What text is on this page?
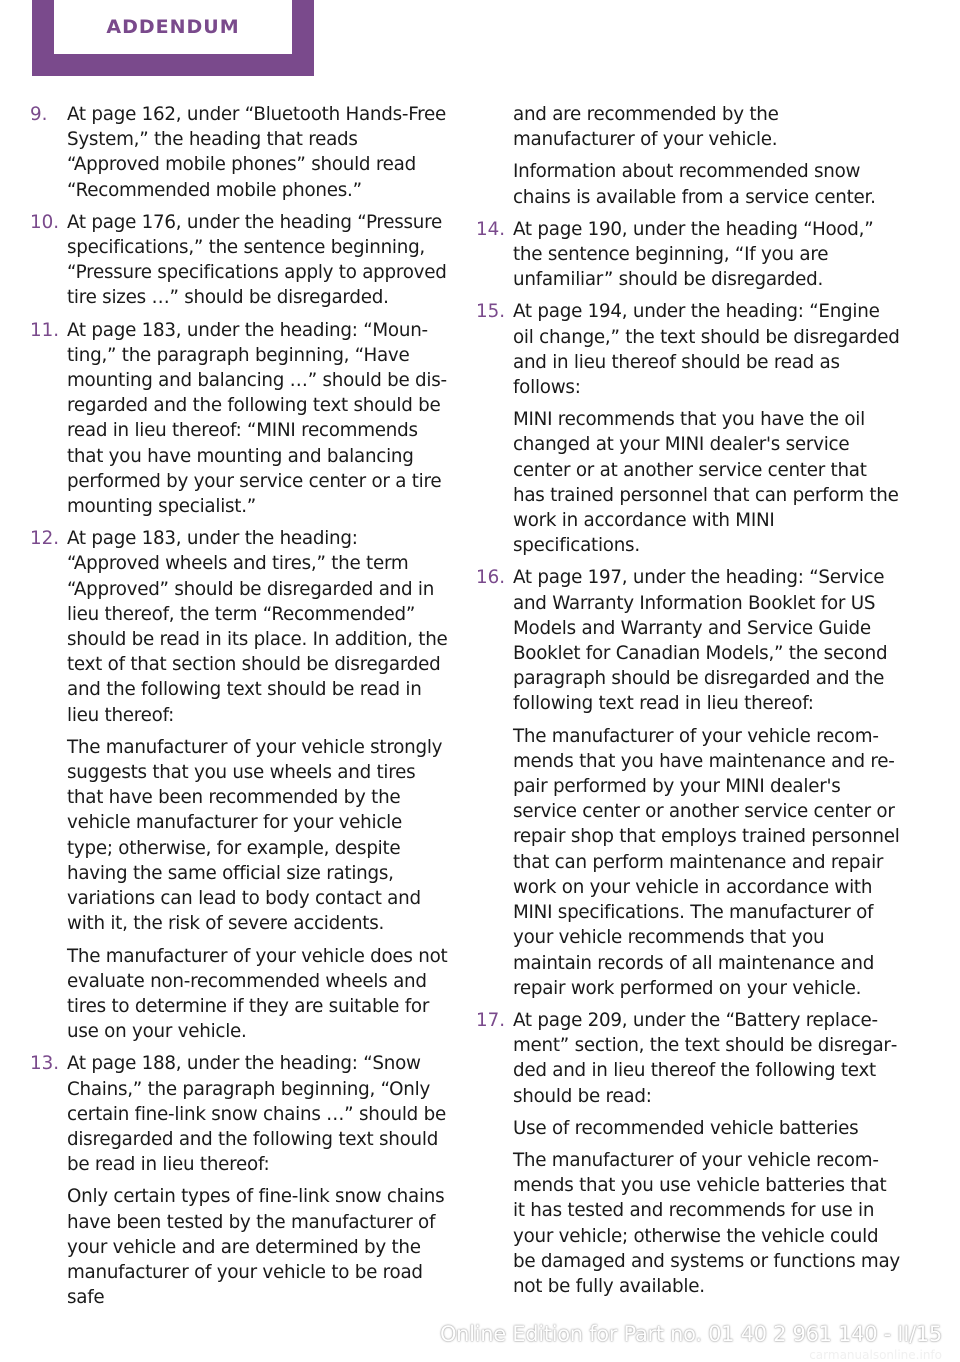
ADDENDUM
9.	At page 162, under “Bluetooth Hands-Free System,” the heading that reads “Approved mobile phones” should read “Recommended mobile phones.”

10. At page 176, under the heading “Pressure specifications,” the sentence beginning, “Pressure specifications apply to approved tire sizes …” should be disregarded.

11. At page 183, under the heading: “Mounting,” the paragraph beginning, “Have mounting and balancing …” should be disregarded and the following text should be read in lieu thereof: “MINI recommends that you have mounting and balancing performed by your service center or a tire mounting specialist.”

12. At page 183, under the heading: “Approved wheels and tires,” the term “Approved” should be disregarded and in lieu thereof, the term “Recommended” should be read in its place. In addition, the text of that section should be disregarded and the following text should be read in lieu thereof:

The manufacturer of your vehicle strongly suggests that you use wheels and tires that have been recommended by the vehicle manufacturer for your vehicle type; otherwise, for example, despite having the same official size ratings, variations can lead to body contact and with it, the risk of severe accidents.

The manufacturer of your vehicle does not evaluate non-recommended wheels and tires to determine if they are suitable for use on your vehicle.

13. At page 188, under the heading: “Snow Chains,” the paragraph beginning, “Only certain fine-link snow chains …” should be disregarded and the following text should be read in lieu thereof:

Only certain types of fine-link snow chains have been tested by the manufacturer of your vehicle and are determined by the manufacturer of your vehicle to be road safe

and are recommended by the manufacturer of your vehicle.

Information about recommended snow chains is available from a service center.

14. At page 190, under the heading “Hood,” the sentence beginning, “If you are unfamiliar” should be disregarded.

15. At page 194, under the heading: “Engine oil change,” the text should be disregarded and in lieu thereof should be read as follows:

MINI recommends that you have the oil changed at your MINI dealer's service center or at another service center that has trained personnel that can perform the work in accordance with MINI specifications.

16. At page 197, under the heading: “Service and Warranty Information Booklet for US Models and Warranty and Service Guide Booklet for Canadian Models,” the second paragraph should be disregarded and the following text read in lieu thereof:

The manufacturer of your vehicle recommends that you have maintenance and repair performed by your MINI dealer's service center or another service center or repair shop that employs trained personnel that can perform maintenance and repair work on your vehicle in accordance with MINI specifications. The manufacturer of your vehicle recommends that you maintain records of all maintenance and repair work performed on your vehicle.

17. At page 209, under the “Battery replacement” section, the text should be disregarded and in lieu thereof the following text should be read:

Use of recommended vehicle batteries

The manufacturer of your vehicle recommends that you use vehicle batteries that it has tested and recommends for use in your vehicle; otherwise the vehicle could be damaged and systems or functions may not be fully available.

Online Edition for Part no. 01 40 2 961 140 - II/15
carmanualsonline.info
